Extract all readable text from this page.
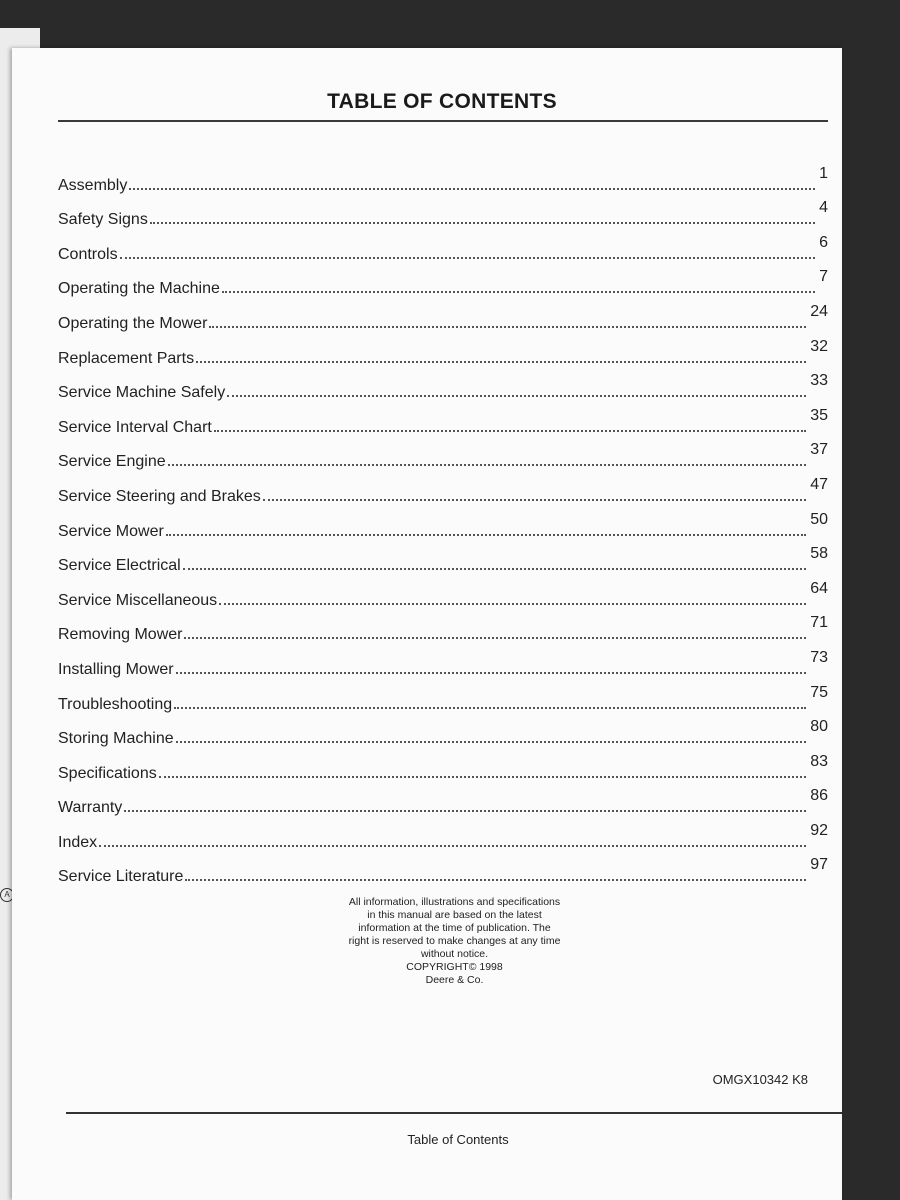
A
TABLE OF CONTENTS
Assembly
1
Safety Signs
4
Controls
6
Operating the Machine
7
Operating the Mower
24
Replacement Parts
32
Service Machine Safely
33
Service Interval Chart
35
Service Engine
37
Service Steering and Brakes
47
Service Mower
50
Service Electrical
58
Service Miscellaneous
64
Removing Mower
71
Installing Mower
73
Troubleshooting
75
Storing Machine
80
Specifications
83
Warranty
86
Index
92
Service Literature
97
All information, illustrations and specifications in this manual are based on the latest information at the time of publication. The right is reserved to make changes at any time without notice.
COPYRIGHT© 1998
Deere & Co.
OMGX10342 K8
Table of Contents
